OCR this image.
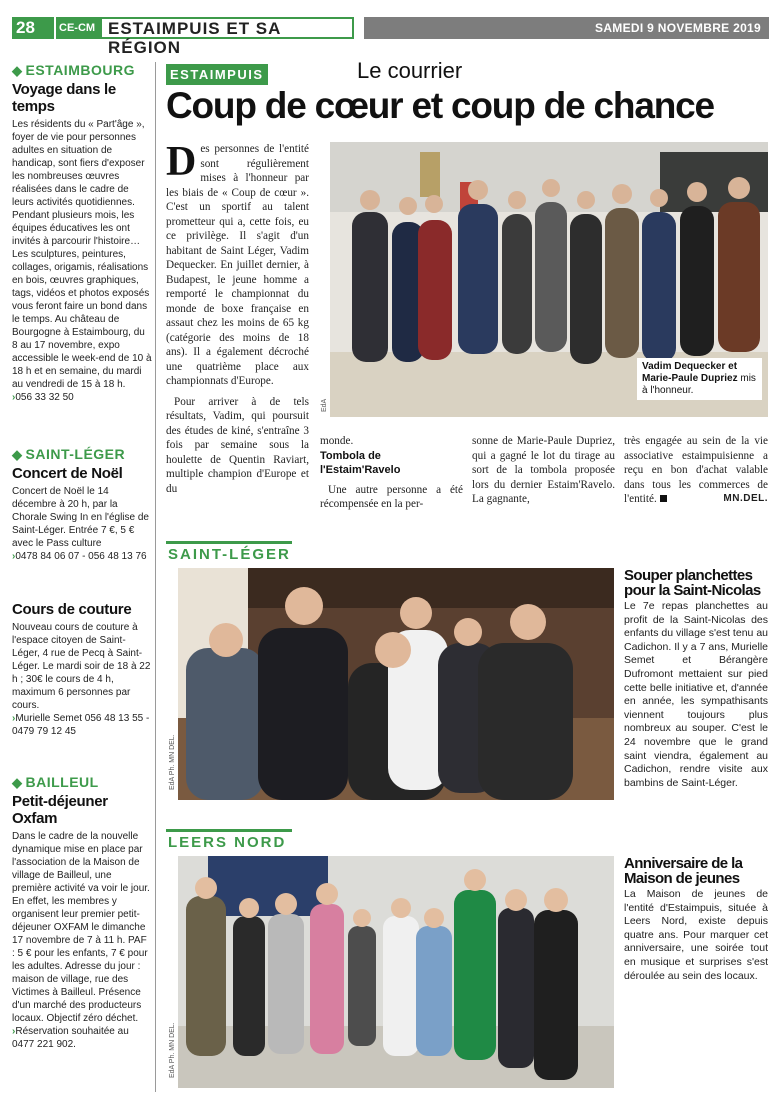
28	CE-CM ESTAIMPUIS ET SA RÉGION
SAMEDI 9 NOVEMBRE 2019
◆ ESTAIMBOURG
Voyage dans le temps

Les résidents du « Part'âge », foyer de vie pour personnes adultes en situation de handicap, sont fiers d'exposer les nombreuses œuvres réalisées dans le cadre de leurs activités quotidiennes. Pendant plusieurs mois, les équipes éducatives les ont invités à parcourir l'histoire… Les sculptures, peintures, collages, origamis, réalisations en bois, œuvres graphiques, tags, vidéos et photos exposés vous feront faire un bond dans le temps. Au château de Bourgogne à Estaimbourg, du 8 au 17 novembre, expo accessible le week-end de 10 à 18 h et en semaine, du mardi au vendredi de 15 à 18 h.

›056 33 32 50
◆ SAINT-LÉGER
Concert de Noël

Concert de Noël le 14 décembre à 20 h, par la Chorale Swing In en l'église de Saint-Léger. Entrée 7 €, 5 € avec le Pass culture

›0478 84 06 07 - 056 48 13 76
Cours de couture

Nouveau cours de couture à l'espace citoyen de Saint-Léger, 4 rue de Pecq à Saint-Léger. Le mardi soir de 18 à 22 h ; 30€ le cours de 4 h, maximum 6 personnes par cours.

›Murielle Semet 056 48 13 55 - 0479 79 12 45
◆ BAILLEUL
Petit-déjeuner Oxfam

Dans le cadre de la nouvelle dynamique mise en place par l'association de la Maison de village de Bailleul, une première activité va voir le jour. En effet, les membres y organisent leur premier petit-déjeuner OXFAM le dimanche 17 novembre de 7 à 11 h. PAF : 5 € pour les enfants, 7 € pour les adultes. Adresse du jour : maison de village, rue des Victimes à Bailleul. Présence d'un marché des producteurs locaux. Objectif zéro déchet.

›Réservation souhaitée au 0477 221 902.
ESTAIMPUIS	Le courrier
Coup de cœur et coup de chance
Des personnes de l'entité sont régulièrement mises à l'honneur par les biais de « Coup de cœur ». C'est un sportif au talent prometteur qui a, cette fois, eu ce privilège. Il s'agit d'un habitant de Saint Léger, Vadim Dequecker. En juillet dernier, à Budapest, le jeune homme a remporté le championnat du monde de boxe française en assaut chez les moins de 65 kg (catégorie des moins de 18 ans). Il a également décroché une quatrième place aux championnats d'Europe.

Pour arriver à de tels résultats, Vadim, qui poursuit des études de kiné, s'entraîne 3 fois par semaine sous la houlette de Quentin Raviart, multiple champion d'Europe et du

monde.

Tombola de l'Estaim'Ravelo

Une autre personne a été récompensée en la per-

sonne de Marie-Paule Dupriez, qui a gagné le lot du tirage au sort de la tombola proposée lors du dernier Estaim'Ravelo. La gagnante,

très engagée au sein de la vie associative estaimpuisienne a reçu en bon d'achat valable dans tous les commerces de l'entité.	MN.DEL.

EdA
Vadim Dequecker et Marie-Paule Dupriez mis à l'honneur.
SAINT-LÉGER
EdA Ph. MN DEL.
Souper planchettes pour la Saint-Nicolas

Le 7e repas planchettes au profit de la Saint-Nicolas des enfants du village s'est tenu au Cadichon. Il y a 7 ans, Murielle Semet et Bérangère Dufromont mettaient sur pied cette belle initiative et, d'année en année, les sympathisants viennent toujours plus nombreux au souper. C'est le 24 novembre que le grand saint viendra, également au Cadichon, rendre visite aux bambins de Saint-Léger.

LEERS NORD
EdA Ph. MN DEL.
Anniversaire de la Maison de jeunes

La Maison de jeunes de l'entité d'Estaimpuis, située à Leers Nord, existe depuis quatre ans. Pour marquer cet anniversaire, une soirée tout en musique et surprises s'est déroulée au sein des locaux.
